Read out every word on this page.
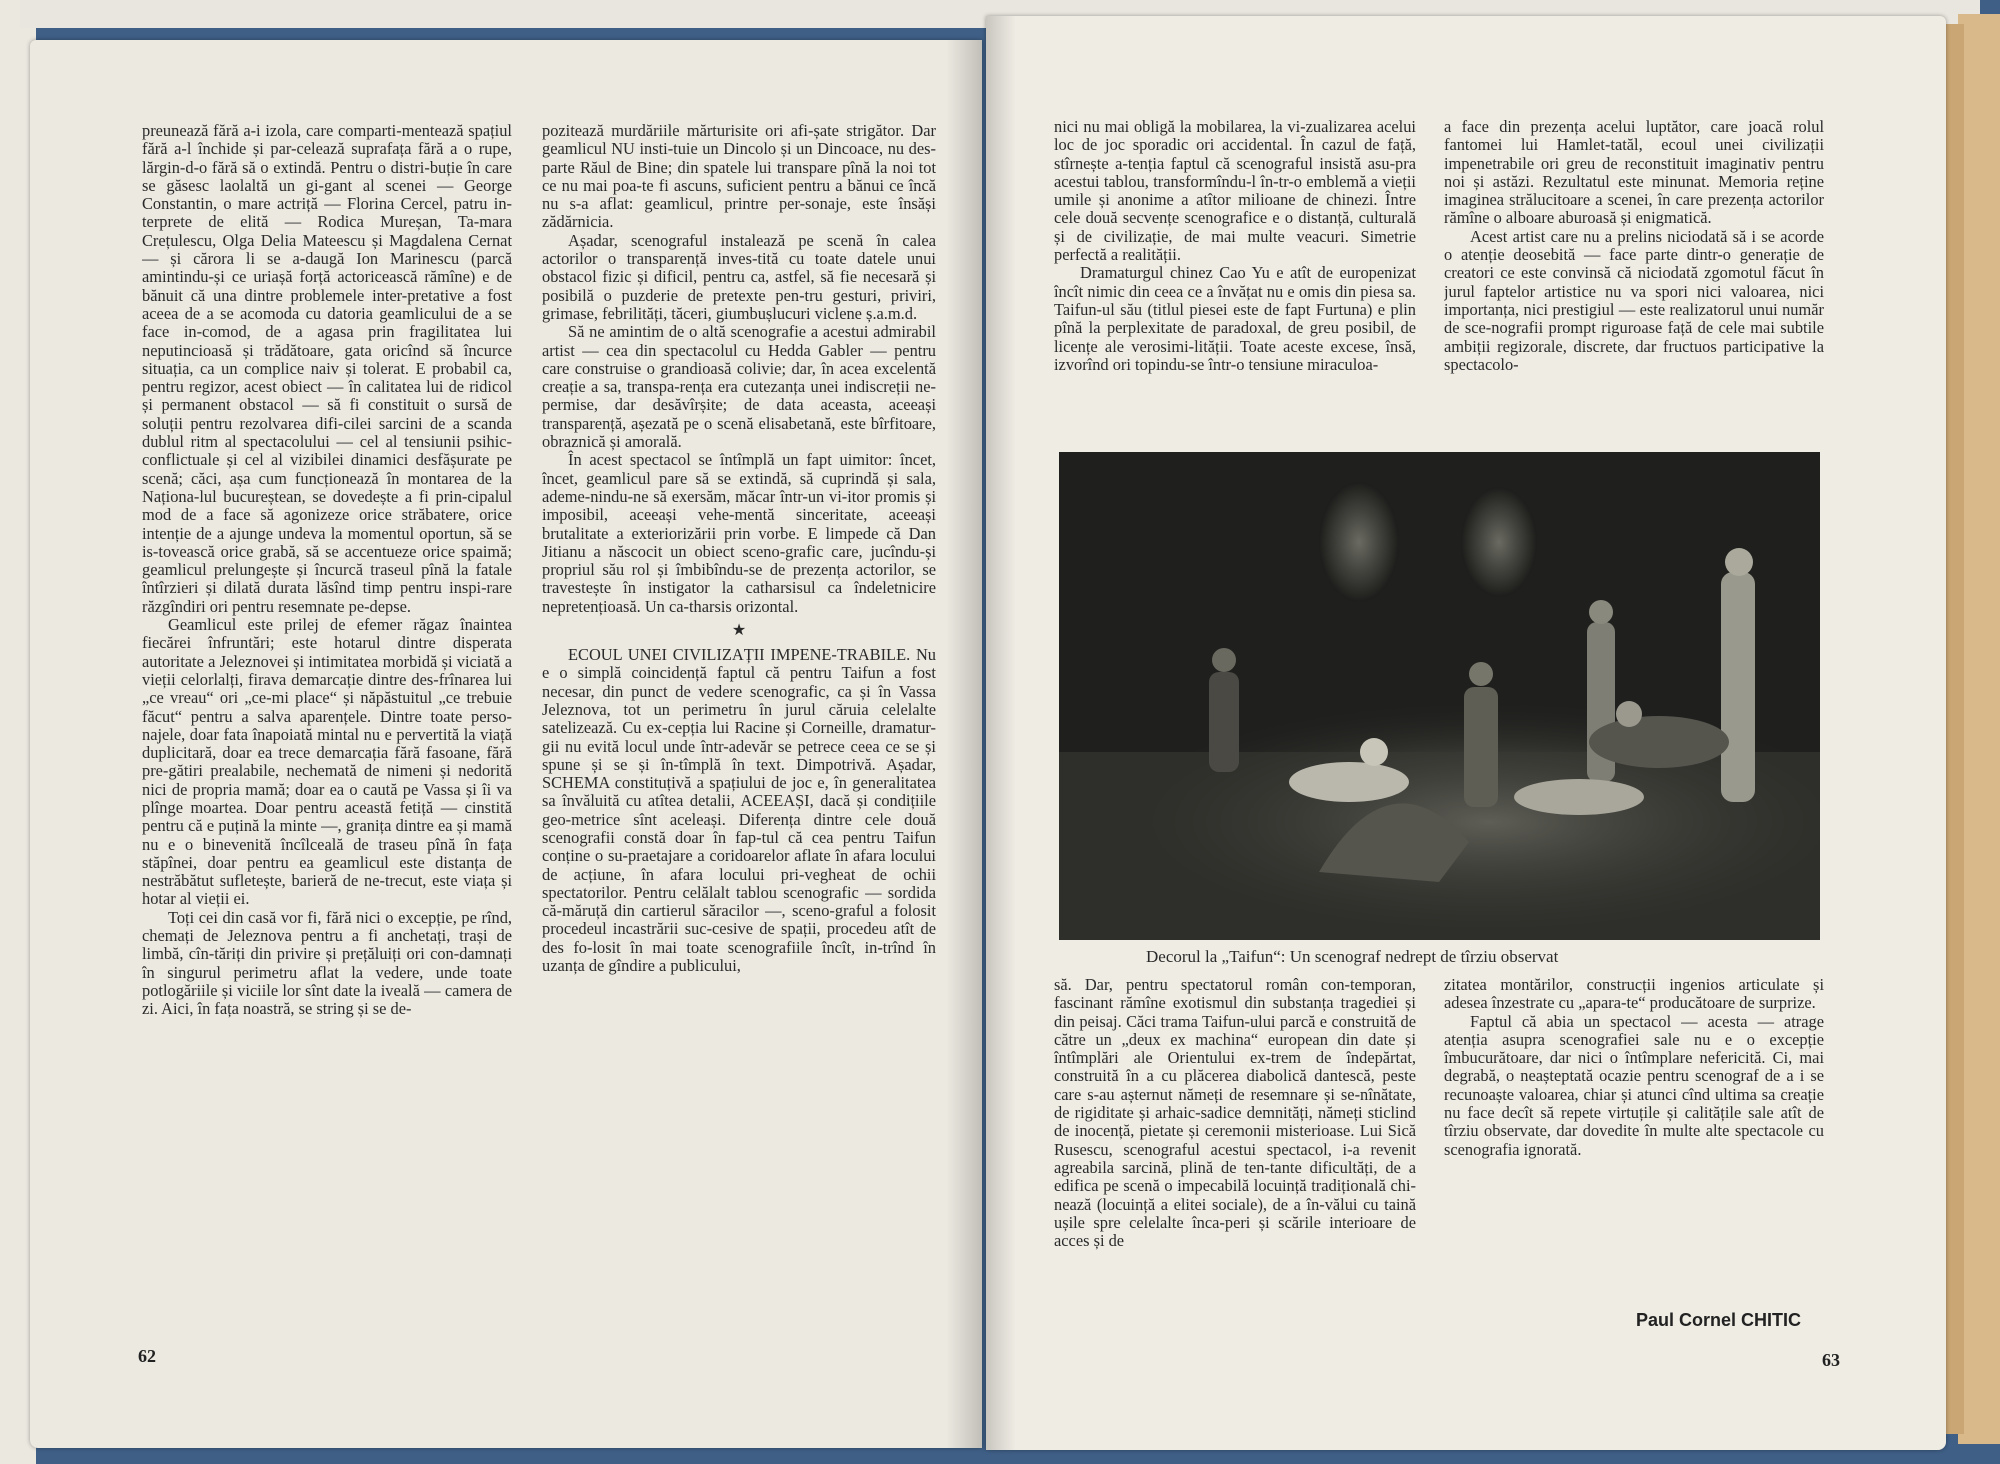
preunează fără a-i izola, care comparti-mentează spațiul fără a-l închide și par-celează suprafața fără a o rupe, lărgin-d-o fără să o extindă. Pentru o distri-buție în care se găsesc laolaltă un gi-gant al scenei — George Constantin, o mare actriță — Florina Cercel, patru in-terprete de elită — Rodica Mureșan, Ta-mara Crețulescu, Olga Delia Mateescu și Magdalena Cernat — și cărora li se a-daugă Ion Marinescu (parcă amintindu-și ce uriașă forță actoricească rămîne) e de bănuit că una dintre problemele inter-pretative a fost aceea de a se acomoda cu datoria geamlicului de a se face in-comod, de a agasa prin fragilitatea lui neputincioasă și trădătoare, gata oricînd să încurce situația, ca un complice naiv și tolerat. E probabil ca, pentru regizor, acest obiect — în calitatea lui de ridicol și permanent obstacol — să fi constituit o sursă de soluții pentru rezolvarea difi-cilei sarcini de a scanda dublul ritm al spectacolului — cel al tensiunii psihic-conflictuale și cel al vizibilei dinamici desfășurate pe scenă; căci, așa cum funcționează în montarea de la Naționa-lul bucureștean, se dovedește a fi prin-cipalul mod de a face să agonizeze orice străbatere, orice intenție de a ajunge undeva la momentul oportun, să se is-tovească orice grabă, să se accentueze orice spaimă; geamlicul prelungește și încurcă traseul pînă la fatale întîrzieri și dilată durata lăsînd timp pentru inspi-rare răzgîndiri ori pentru resemnate pe-depse.

Geamlicul este prilej de efemer răgaz înaintea fiecărei înfruntări; este hotarul dintre disperata autoritate a Jeleznovei și intimitatea morbidă și viciată a vieții celorlalți, firava demarcație dintre des-frînarea lui „ce vreau“ ori „ce-mi place“ și năpăstuitul „ce trebuie făcut“ pentru a salva aparențele. Dintre toate perso-najele, doar fata înapoiată mintal nu e pervertită la viață duplicitară, doar ea trece demarcația fără fasoane, fără pre-gătiri prealabile, nechemată de nimeni și nedorită nici de propria mamă; doar ea o caută pe Vassa și îi va plînge moartea. Doar pentru această fetiță — cinstită pentru că e puțină la minte —, granița dintre ea și mamă nu e o binevenită încîlceală de traseu pînă în fața stăpînei, doar pentru ea geamlicul este distanța de nestrăbătut sufletește, barieră de ne-trecut, este viața și hotar al vieții ei.

Toți cei din casă vor fi, fără nici o excepție, pe rînd, chemați de Jeleznova pentru a fi anchetați, trași de limbă, cîn-tăriți din privire și prețăluiți ori con-damnați în singurul perimetru aflat la vedere, unde toate potlogăriile și viciile lor sînt date la iveală — camera de zi. Aici, în fața noastră, se string și se de-

pozitează murdăriile mărturisite ori afi-șate strigător. Dar geamlicul NU insti-tuie un Dincolo și un Dincoace, nu des-parte Răul de Bine; din spatele lui transpare pînă la noi tot ce nu mai poa-te fi ascuns, suficient pentru a bănui ce încă nu s-a aflat: geamlicul, printre per-sonaje, este însăși zădărnicia.

Așadar, scenograful instalează pe scenă în calea actorilor o transparență inves-tită cu toate datele unui obstacol fizic și dificil, pentru ca, astfel, să fie necesară și posibilă o puzderie de pretexte pen-tru gesturi, priviri, grimase, febrilități, tăceri, giumbușlucuri viclene ș.a.m.d.

Să ne amintim de o altă scenografie a acestui admirabil artist — cea din spectacolul cu Hedda Gabler — pentru care construise o grandioasă colivie; dar, în acea excelentă creație a sa, transpa-rența era cutezanța unei indiscreții ne-permise, dar desăvîrșite; de data aceasta, aceeași transparență, așezată pe o scenă elisabetană, este bîrfitoare, obraznică și amorală.

În acest spectacol se întîmplă un fapt uimitor: încet, încet, geamlicul pare să se extindă, să cuprindă și sala, ademe-nindu-ne să exersăm, măcar într-un vi-itor promis și imposibil, aceeași vehe-mentă sinceritate, aceeași brutalitate a exteriorizării prin vorbe. E limpede că Dan Jitianu a născocit un obiect sceno-grafic care, jucîndu-și propriul său rol și îmbibîndu-se de prezența actorilor, se travestește în instigator la catharsisul ca îndeletnicire nepretențioasă. Un ca-tharsis orizontal.

★

ECOUL UNEI CIVILIZAȚII IMPENE-TRABILE. Nu e o simplă coincidență faptul că pentru Taifun a fost necesar, din punct de vedere scenografic, ca și în Vassa Jeleznova, tot un perimetru în jurul căruia celelalte satelizează. Cu ex-cepția lui Racine și Corneille, dramatur-gii nu evită locul unde într-adevăr se petrece ceea ce se și spune și se și în-tîmplă în text. Dimpotrivă. Așadar, SCHEMA constituțivă a spațiului de joc e, în generalitatea sa învăluită cu atîtea detalii, ACEEAȘI, dacă și condițiile geo-metrice sînt aceleași. Diferența dintre cele două scenografii constă doar în fap-tul că cea pentru Taifun conține o su-praetajare a coridoarelor aflate în afara locului de acțiune, în afara locului pri-vegheat de ochii spectatorilor. Pentru celălalt tablou scenografic — sordida că-măruță din cartierul săracilor —, sceno-graful a folosit procedeul incastrării suc-cesive de spații, procedeu atît de des fo-losit în mai toate scenografiile încît, in-trînd în uzanța de gîndire a publicului,

62

nici nu mai obligă la mobilarea, la vi-zualizarea acelui loc de joc sporadic ori accidental. În cazul de față, stîrnește a-tenția faptul că scenograful insistă asu-pra acestui tablou, transformîndu-l în-tr-o emblemă a vieții umile și anonime a atîtor milioane de chinezi. Între cele două secvențe scenografice e o distanță, culturală și de civilizație, de mai multe veacuri. Simetrie perfectă a realității.

Dramaturgul chinez Cao Yu e atît de europenizat încît nimic din ceea ce a învățat nu e omis din piesa sa. Taifun-ul său (titlul piesei este de fapt Furtuna) e plin pînă la perplexitate de paradoxal, de greu posibil, de licențe ale verosimi-lității. Toate aceste excese, însă, izvorînd ori topindu-se într-o tensiune miraculoa-

a face din prezența acelui luptător, care joacă rolul fantomei lui Hamlet-tatăl, ecoul unei civilizații impenetrabile ori greu de reconstituit imaginativ pentru noi și astăzi. Rezultatul este minunat. Memoria reține imaginea strălucitoare a scenei, în care prezența actorilor rămîne o alboare aburoasă și enigmatică.

Acest artist care nu a prelins niciodată să i se acorde o atenție deosebită — face parte dintr-o generație de creatori ce este convinsă că niciodată zgomotul făcut în jurul faptelor artistice nu va spori nici valoarea, nici importanța, nici prestigiul — este realizatorul unui număr de sce-nografii prompt riguroase față de cele mai subtile ambiții regizorale, discrete, dar fructuos participative la spectacolo-

Decorul la „Taifun“: Un scenograf nedrept de tîrziu observat

să. Dar, pentru spectatorul român con-temporan, fascinant rămîne exotismul din substanța tragediei și din peisaj. Căci trama Taifun-ului parcă e construită de către un „deux ex machina“ european din date și întîmplări ale Orientului ex-trem de îndepărtat, construită în a cu plăcerea diabolică dantescă, peste care s-au așternut nămeți de resemnare și se-nînătate, de rigiditate și arhaic-sadice demnități, nămeți sticlind de inocență, pietate și ceremonii misterioase. Lui Sică Rusescu, scenograful acestui spectacol, i-a revenit agreabila sarcină, plină de ten-tante dificultăți, de a edifica pe scenă o impecabilă locuință tradițională chi-nează (locuință a elitei sociale), de a în-vălui cu taină ușile spre celelalte înca-peri și scările interioare de acces și de

zitatea montărilor, construcții ingenios articulate și adesea înzestrate cu „apara-te“ producătoare de surprize.

Faptul că abia un spectacol — acesta — atrage atenția asupra scenografiei sale nu e o excepție îmbucurătoare, dar nici o întîmplare nefericită. Ci, mai degrabă, o neașteptată ocazie pentru scenograf de a i se recunoaște valoarea, chiar și atunci cînd ultima sa creație nu face decît să repete virtuțile și calitățile sale atît de tîrziu observate, dar dovedite în multe alte spectacole cu scenografia ignorată.

Paul Cornel CHITIC
63
